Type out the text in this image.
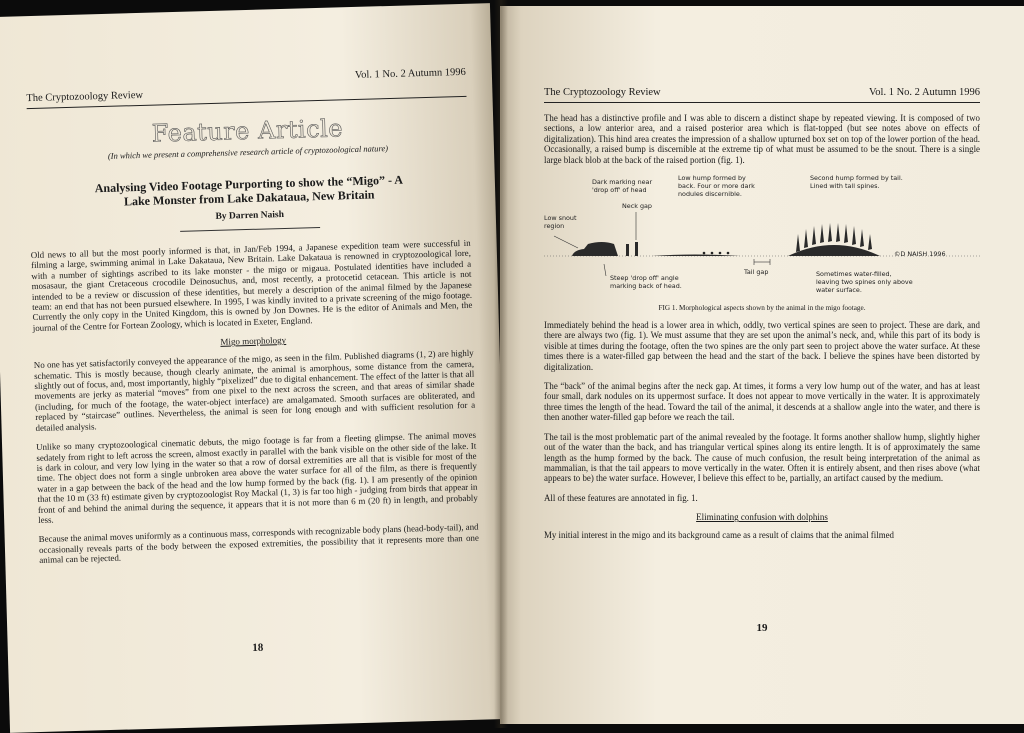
The Cryptozoology Review
Vol. 1 No. 2 Autumn 1996
Feature Article
(In which we present a comprehensive research article of cryptozoological nature)
Analysing Video Footage Purporting to show the “Migo” - A Lake Monster from Lake Dakataua, New Britain
By Darren Naish

Old news to all but the most poorly informed is that, in Jan/Feb 1994, a Japanese expedition team were successful in filming a large, swimming animal in Lake Dakataua, New Britain. Lake Dakataua is renowned in cryptozoological lore, with a number of sightings ascribed to its lake monster - the migo or migaua. Postulated identities have included a mosasaur, the giant Cretaceous crocodile Deinosuchus, and, most recently, a protocetid cetacean. This article is not intended to be a review or discussion of these identities, but merely a description of the animal filmed by the Japanese team: an end that has not been pursued elsewhere. In 1995, I was kindly invited to a private screening of the migo footage. Currently the only copy in the United Kingdom, this is owned by Jon Downes. He is the editor of Animals and Men, the journal of the Centre for Fortean Zoology, which is located in Exeter, England.

Migo morphology

No one has yet satisfactorily conveyed the appearance of the migo, as seen in the film. Published diagrams (1, 2) are highly schematic. This is mostly because, though clearly animate, the animal is amorphous, some distance from the camera, slightly out of focus, and, most importantly, highly “pixelized” due to digital enhancement. The effect of the latter is that all movements are jerky as material “moves” from one pixel to the next across the screen, and that areas of similar shade (including, for much of the footage, the water-object interface) are amalgamated. Smooth surfaces are obliterated, and replaced by “staircase” outlines. Nevertheless, the animal is seen for long enough and with sufficient resolution for a detailed analysis.

Unlike so many cryptozoological cinematic debuts, the migo footage is far from a fleeting glimpse. The animal moves sedately from right to left across the screen, almost exactly in parallel with the bank visible on the other side of the lake. It is dark in colour, and very low lying in the water so that a row of dorsal extremities are all that is visible for most of the time. The object does not form a single unbroken area above the water surface for all of the film, as there is frequently water in a gap between the back of the head and the low hump formed by the back (fig. 1). I am presently of the opinion that the 10 m (33 ft) estimate given by cryptozoologist Roy Mackal (1, 3) is far too high - judging from birds that appear in front of and behind the animal during the sequence, it appears that it is not more than 6 m (20 ft) in length, and probably less.

Because the animal moves uniformly as a continuous mass, corresponds with recognizable body plans (head-body-tail), and occasionally reveals parts of the body between the exposed extremities, the possibility that it represents more than one animal can be rejected.

18
The Cryptozoology Review	Vol. 1 No. 2 Autumn 1996

The head has a distinctive profile and I was able to discern a distinct shape by repeated viewing. It is composed of two sections, a low anterior area, and a raised posterior area which is flat-topped (but see notes above on effects of digitalization). This hind area creates the impression of a shallow upturned box set on top of the lower portion of the head. Occasionally, a raised bump is discernible at the extreme tip of what must be assumed to be the snout. There is a single large black blob at the back of the raised portion (fig. 1).

Low snout region
Dark marking near 'drop off' of head
Neck gap
Low hump formed by back. Four or more dark nodules discernible.
Second hump formed by tail. Lined with tall spines.
©D NAISH 1996
Steep 'drop off' angle marking back of head.
Tail gap	Sometimes water-filled, leaving two spines only above water surface.
FIG 1. Morphological aspects shown by the animal in the migo footage.

Immediately behind the head is a lower area in which, oddly, two vertical spines are seen to project. These are dark, and there are always two (fig. 1). We must assume that they are set upon the animal’s neck, and, while this part of its body is visible at times during the footage, often the two spines are the only part seen to project above the water surface. At these times there is a water-filled gap between the head and the start of the back. I believe the spines have been distorted by digitalization.

The “back” of the animal begins after the neck gap. At times, it forms a very low hump out of the water, and has at least four small, dark nodules on its uppermost surface. It does not appear to move vertically in the water. It is approximately three times the length of the head. Toward the tail of the animal, it descends at a shallow angle into the water, and there is then another water-filled gap before we reach the tail.

The tail is the most problematic part of the animal revealed by the footage. It forms another shallow hump, slightly higher out of the water than the back, and has triangular vertical spines along its entire length. It is of approximately the same length as the hump formed by the back. The cause of much confusion, the result being interpretation of the animal as mammalian, is that the tail appears to move vertically in the water. Often it is entirely absent, and then rises above (what appears to be) the water surface. However, I believe this effect to be, partially, an artifact caused by the medium.

All of these features are annotated in fig. 1.

Eliminating confusion with dolphins

My initial interest in the migo and its background came as a result of claims that the animal filmed

19
